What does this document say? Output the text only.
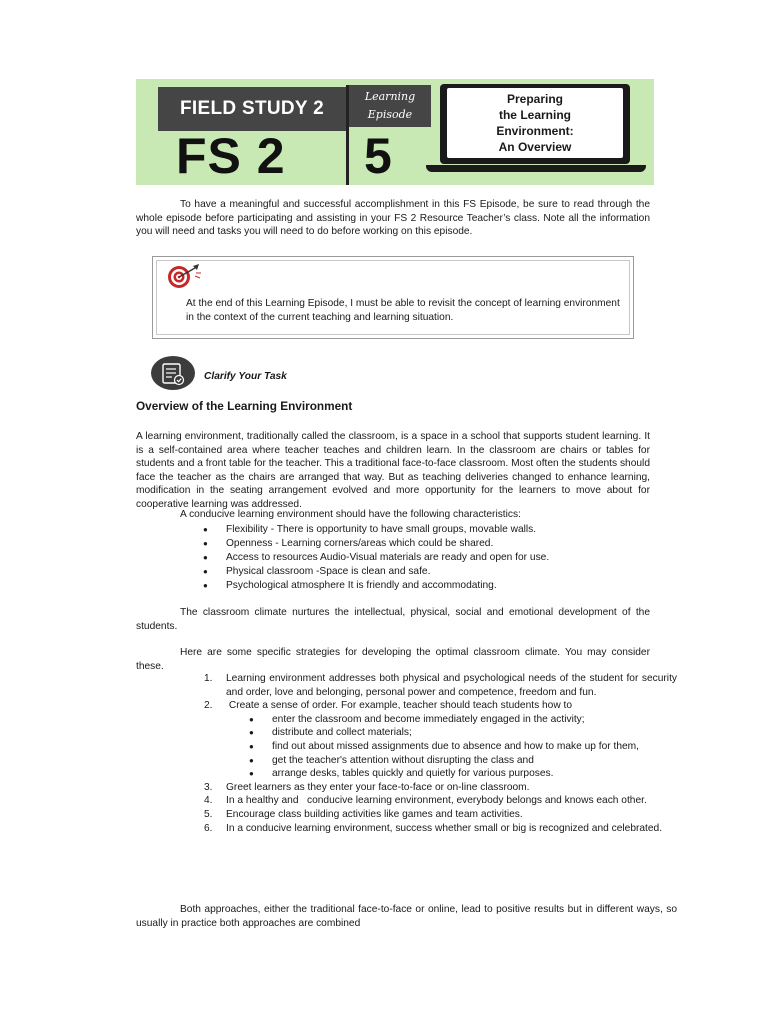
FIELD STUDY 2
FS 2
Learning
Episode
5
Preparing
the Learning
Environment:
An Overview
To have a meaningful and successful accomplishment in this FS Episode, be sure to read through the whole episode before participating and assisting in your FS 2 Resource Teacher’s class. Note all the information you will need and tasks you will need to do before working on this episode.
At the end of this Learning Episode, I must be able to revisit the concept of learning environment in the context of the current teaching and learning situation.
Clarify Your Task
Overview of the Learning Environment
A learning environment, traditionally called the classroom, is a space in a school that supports student learning. It is a self-contained area where teacher teaches and children learn. In the classroom are chairs or tables for students and a front table for the teacher. This a traditional face-to-face classroom. Most often the students should face the teacher as the chairs are arranged that way. But as teaching deliveries changed to enhance learning, modification in the seating arrangement evolved and more opportunity for the learners to move about for cooperative learning was addressed.
A conducive learning environment should have the following characteristics:
● Flexibility - There is opportunity to have small groups, movable walls.
● Openness - Learning corners/areas which could be shared.
● Access to resources Audio-Visual materials are ready and open for use.
● Physical classroom -Space is clean and safe.
● Psychological atmosphere It is friendly and accommodating.
The classroom climate nurtures the intellectual, physical, social and emotional development of the students.
Here are some specific strategies for developing the optimal classroom climate. You may consider these.
1. Learning environment addresses both physical and psychological needs of the student for security and order, love and belonging, personal power and competence, freedom and fun.
2. Create a sense of order. For example, teacher should teach students how to
● enter the classroom and become immediately engaged in the activity;
● distribute and collect materials;
● find out about missed assignments due to absence and how to make up for them,
● get the teacher's attention without disrupting the class and
● arrange desks, tables quickly and quietly for various purposes.
3. Greet learners as they enter your face-to-face or on-line classroom.
4. In a healthy and   conducive learning environment, everybody belongs and knows each other.
5. Encourage class building activities like games and team activities.
6. In a conducive learning environment, success whether small or big is recognized and celebrated.
Both approaches, either the traditional face-to-face or online, lead to positive results but in different ways, so usually in practice both approaches are combined
